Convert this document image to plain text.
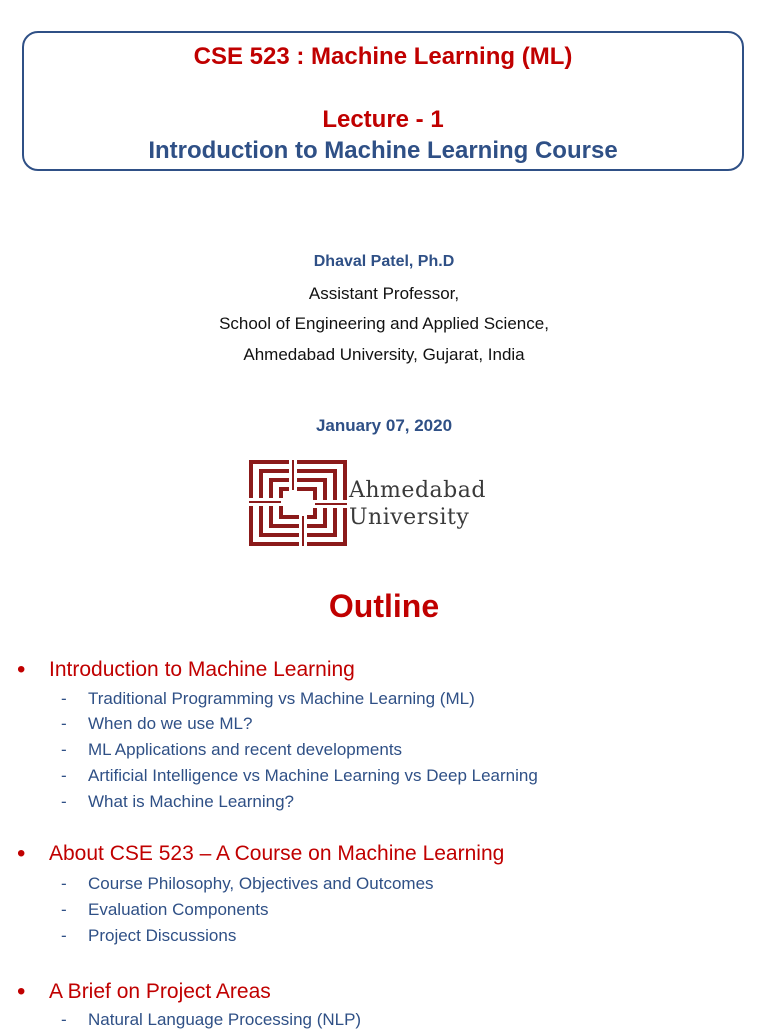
CSE 523 : Machine Learning (ML)
Lecture - 1
Introduction to Machine Learning Course
Dhaval Patel, Ph.D
Assistant Professor,
School of Engineering and Applied Science,
Ahmedabad University, Gujarat, India
January 07, 2020
Ahmedabad
University
Outline
• Introduction to Machine Learning
- Traditional Programming vs Machine Learning (ML)
- When do we use ML?
- ML Applications and recent developments
- Artificial Intelligence vs Machine Learning vs Deep Learning
- What is Machine Learning?
• About CSE 523 – A Course on Machine Learning
- Course Philosophy, Objectives and Outcomes
- Evaluation Components
- Project Discussions
• A Brief on Project Areas
- Natural Language Processing (NLP)
